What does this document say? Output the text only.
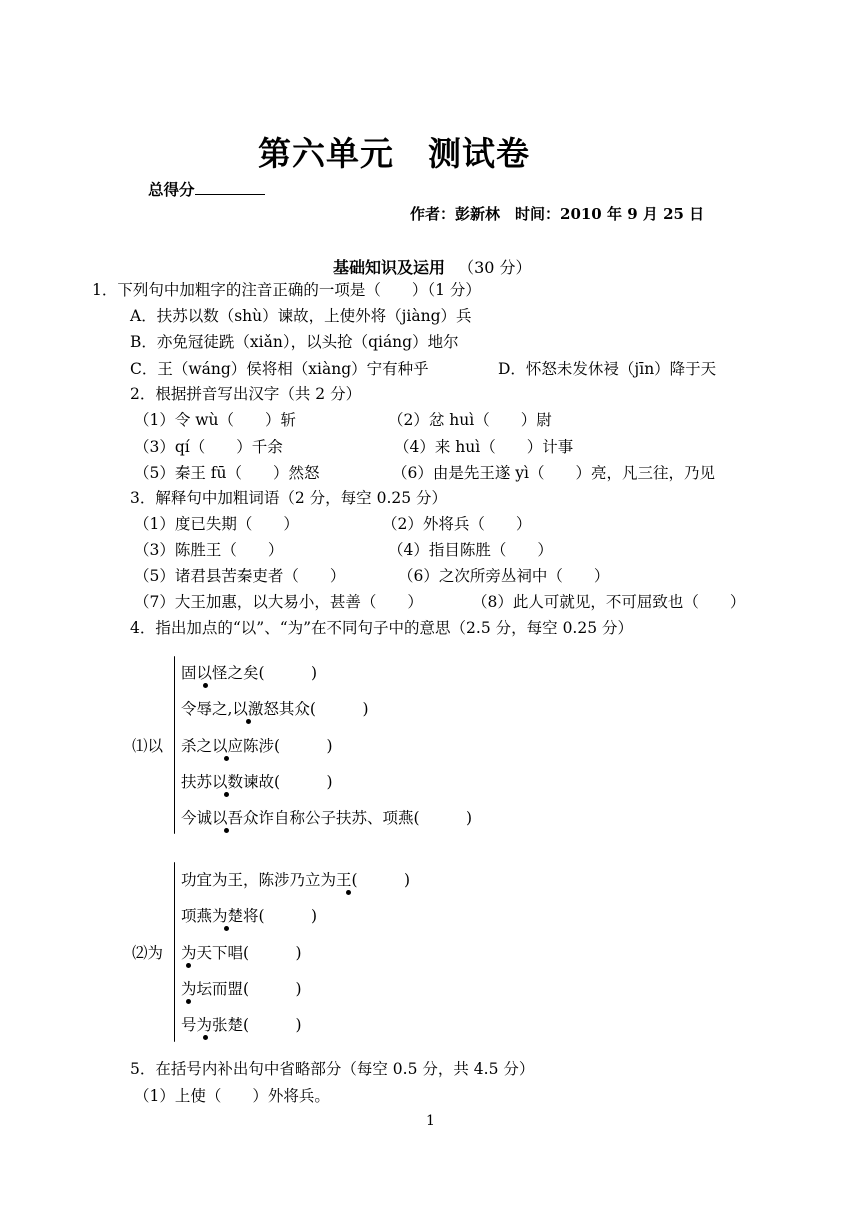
第六单元　测试卷
总得分
作者：彭新林　时间：2010 年 9 月 25 日
基础知识及运用 （30 分）
1．下列句中加粗字的注音正确的一项是（　　）（1 分）
A．扶苏以数（shù）谏故，上使外将（jiàng）兵
B．亦免冠徒跣（xiǎn），以头抢（qiáng）地尔
C．王（wáng）侯将相（xiàng）宁有种乎	D．怀怒未发休祲（jīn）降于天
2．根据拼音写出汉字（共 2 分）
（1）令 wù（　　）斩	（2）忿 huì（　　）尉
（3）qí（　　）千余	（4）来 huì（　　）计事
（5）秦王 fū（　　）然怒	（6）由是先王遂 yì（　　）亮，凡三往，乃见
3．解释句中加粗词语（2 分，每空 0.25 分）
（1）度已失期（　　）	（2）外将兵（　　）
（3）陈胜王（　　）	（4）指目陈胜（　　）
（5）诸君县苦秦吏者（　　）	（6）之次所旁丛祠中（　　）
（7）大王加惠，以大易小，甚善（　　）	（8）此人可就见，不可屈致也（　　）
4．指出加点的“以”、“为”在不同句子中的意思（2.5 分，每空 0.25 分）
⑴以
固以怪之矣(　　　)
令辱之,以激怒其众(　　　)
杀之以应陈涉(　　　)
扶苏以数谏故(　　　)
今诚以吾众诈自称公子扶苏、项燕(　　　)
⑵为
功宜为王，陈涉乃立为王(　　　)
项燕为楚将(　　　)
为天下唱(　　　)
为坛而盟(　　　)
号为张楚(　　　)
5．在括号内补出句中省略部分（每空 0.5 分，共 4.5 分）
（1）上使（　　）外将兵。
1
